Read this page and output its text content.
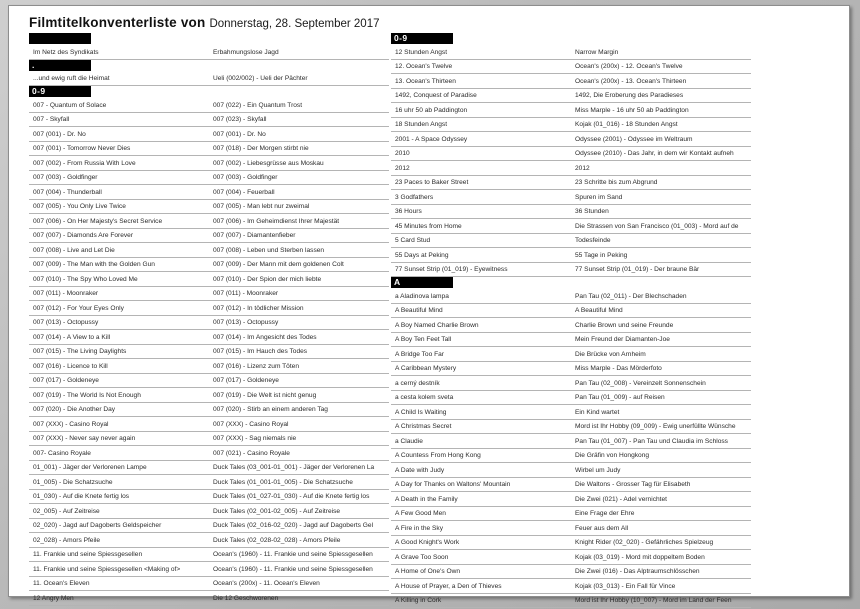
Filmtitelkonventerliste von Donnerstag, 28. September 2017
Im Netz des Syndikats	Erbahmungslose Jagd
.
...und ewig ruft die Heimat	Ueli (002/002) - Ueli der Pächter
0-9
007 - Quantum of Solace	007 (022) - Ein Quantum Trost
007 - Skyfall	007 (023) - Skyfall
007 (001) - Dr. No	007 (001) - Dr. No
007 (001) - Tomorrow Never Dies	007 (018) - Der Morgen stirbt nie
007 (002) - From Russia With Love	007 (002) - Liebesgrüsse aus Moskau
007 (003) - Goldfinger	007 (003) - Goldfinger
007 (004) - Thunderball	007 (004) - Feuerball
007 (005) - You Only Live Twice	007 (005) - Man lebt nur zweimal
007 (006) - On Her Majesty's Secret Service	007 (006) - Im Geheimdienst Ihrer Majestät
007 (007) - Diamonds Are Forever	007 (007) - Diamantenfieber
007 (008) - Live and Let Die	007 (008) - Leben und Sterben lassen
007 (009) - The Man with the Golden Gun	007 (009) - Der Mann mit dem goldenen Colt
007 (010) - The Spy Who Loved Me	007 (010) - Der Spion der mich liebte
007 (011) - Moonraker	007 (011) - Moonraker
007 (012) - For Your Eyes Only	007 (012) - In tödlicher Mission
007 (013) - Octopussy	007 (013) - Octopussy
007 (014) - A View to a Kill	007 (014) - Im Angesicht des Todes
007 (015) - The Living Daylights	007 (015) - Im Hauch des Todes
007 (016) - Licence to Kill	007 (016) - Lizenz zum Töten
007 (017) - Goldeneye	007 (017) - Goldeneye
007 (019) - The World Is Not Enough	007 (019) - Die Welt ist nicht genug
007 (020) - Die Another Day	007 (020) - Stirb an einem anderen Tag
007 (XXX) - Casino Royal	007 (XXX) - Casino Royal
007 (XXX) - Never say never again	007 (XXX) - Sag niemals nie
007- Casino Royale	007 (021) - Casino Royale
01_001) - Jäger der Verlorenen Lampe	Duck Tales (03_001-01_001) - Jäger der Verlorenen La
01_005) - Die Schatzsuche	Duck Tales (01_001-01_005) - Die Schatzsuche
01_030) - Auf die Knete fertig los	Duck Tales (01_027-01_030) - Auf die Knete fertig los
02_005) - Auf Zeitreise	Duck Tales (02_001-02_005) - Auf Zeitreise
02_020) - Jagd auf Dagoberts Geldspeicher	Duck Tales (02_016-02_020) - Jagd auf Dagoberts Gel
02_028) - Amors Pfeile	Duck Tales (02_028-02_028) - Amors Pfeile
11. Frankie und seine Spiessgesellen	Ocean's (1960) - 11. Frankie und seine Spiessgesellen
11. Frankie und seine Spiessgesellen <Making of>	Ocean's (1960) - 11. Frankie und seine Spiessgesellen
11. Ocean's Eleven	Ocean's (200x) - 11. Ocean's Eleven
12 Angry Men	Die 12 Geschworenen
0-9
12 Stunden Angst	Narrow Margin
12. Ocean's Twelve	Ocean's (200x) - 12. Ocean's Twelve
13. Ocean's Thirteen	Ocean's (200x) - 13. Ocean's Thirteen
1492, Conquest of Paradise	1492, Die Eroberung des Paradieses
16 uhr 50 ab Paddington	Miss Marple - 16 uhr 50 ab Paddington
18 Stunden Angst	Kojak (01_016) - 18 Stunden Angst
2001 - A Space Odyssey	Odyssee (2001) - Odyssee im Weltraum
2010	Odyssee (2010) - Das Jahr, in dem wir Kontakt aufneh
2012	2012
23 Paces to Baker Street	23 Schritte bis zum Abgrund
3 Godfathers	Spuren im Sand
36 Hours	36 Stunden
45 Minutes from Home	Die Strassen von San Francisco (01_003) - Mord auf de
5 Card Stud	Todesfeinde
55 Days at Peking	55 Tage in Peking
77 Sunset Strip (01_019) - Eyewitness	77 Sunset Strip (01_019) - Der braune Bär
A
a Aladinova lampa	Pan Tau (02_011) - Der Blechschaden
A Beautiful Mind	A Beautiful Mind
A Boy Named Charlie Brown	Charlie Brown und seine Freunde
A Boy Ten Feet Tall	Mein Freund der Diamanten-Joe
A Bridge Too Far	Die Brücke von Arnheim
A Caribbean Mystery	Miss Marple - Das Mörderfoto
a cerný destník	Pan Tau (02_008) - Vereinzelt Sonnenschein
a cesta kolem sveta	Pan Tau (01_009) - auf Reisen
A Child Is Waiting	Ein Kind wartet
A Christmas Secret	Mord ist Ihr Hobby (09_009) - Ewig unerfüllte Wünsche
a Claudie	Pan Tau (01_007) - Pan Tau und Claudia im Schloss
A Countess From Hong Kong	Die Gräfin von Hongkong
A Date with Judy	Wirbel um Judy
A Day for Thanks on Waltons' Mountain	Die Waltons - Grosser Tag für Elisabeth
A Death in the Family	Die Zwei (021) - Adel vernichtet
A Few Good Men	Eine Frage der Ehre
A Fire in the Sky	Feuer aus dem All
A Good Knight's Work	Knight Rider (02_020) - Gefährliches Spielzeug
A Grave Too Soon	Kojak (03_019) - Mord mit doppeltem Boden
A Home of One's Own	Die Zwei (016) - Das Alptraumschlösschen
A House of Prayer, a Den of Thieves	Kojak (03_013) - Ein Fall für Vince
A Killing in Cork	Mord ist Ihr Hobby (10_007) - Mord im Land der Feen
